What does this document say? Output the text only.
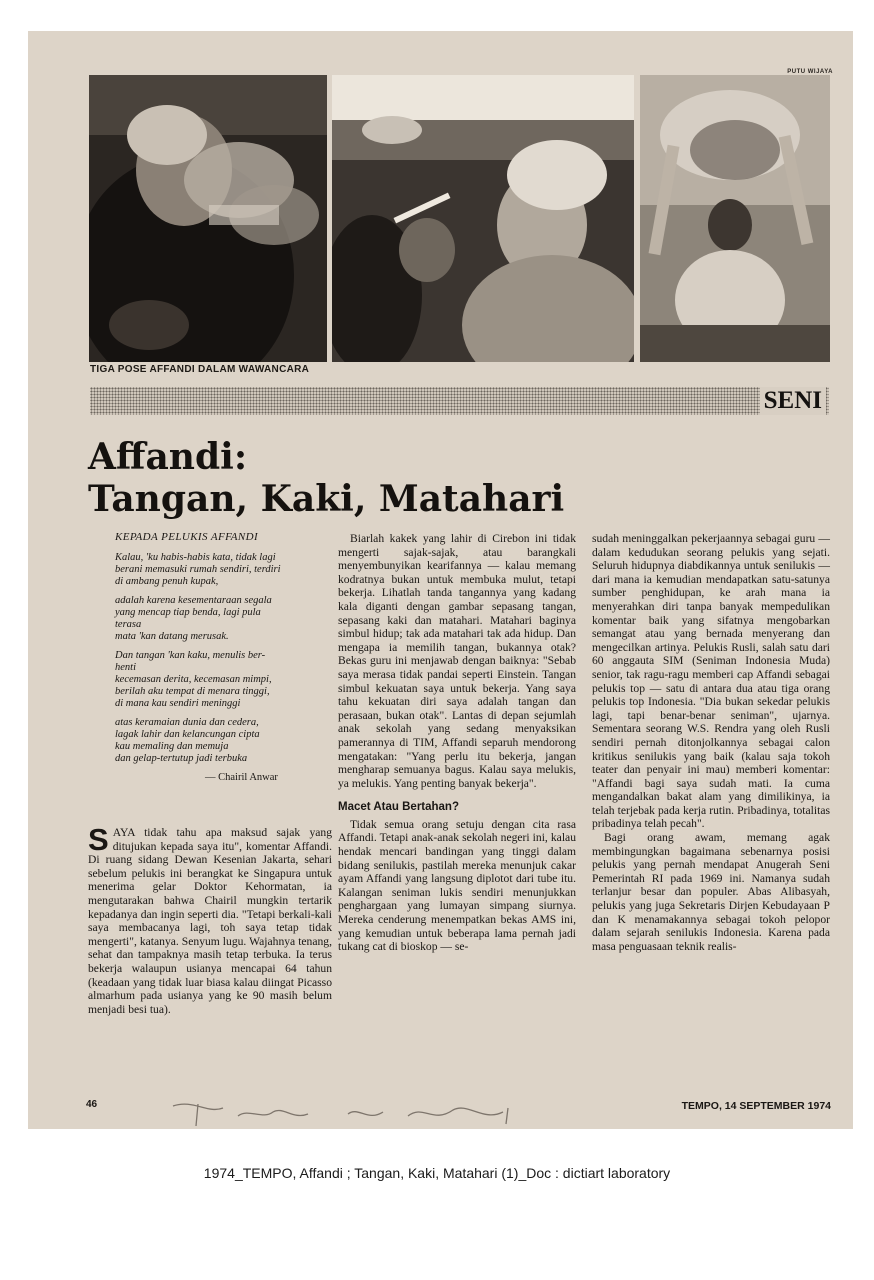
PUTU WIJAYA
TIGA POSE AFFANDI DALAM WAWANCARA
SENI
Affandi:
Tangan, Kaki, Matahari
KEPADA PELUKIS AFFANDI
Kalau, 'ku habis-habis kata, tidak lagi
berani memasuki rumah sendiri, terdiri
di ambang penuh kupak,
adalah karena kesementaraan segala
yang mencap tiap benda, lagi pula
terasa
mata 'kan datang merusak.
Dan tangan 'kan kaku, menulis ber-
henti
kecemasan derita, kecemasan mimpi,
berilah aku tempat di menara tinggi,
di mana kau sendiri meninggi
atas keramaian dunia dan cedera,
lagak lahir dan kelancungan cipta
kau memaling dan memuja
dan gelap-tertutup jadi terbuka
— Chairil Anwar

SAYA tidak tahu apa maksud sajak yang ditujukan kepada saya itu", komentar Affandi. Di ruang sidang Dewan Kesenian Jakarta, sehari sebelum pelukis ini berangkat ke Singapura untuk menerima gelar Doktor Kehormatan, ia mengutarakan bahwa Chairil mungkin tertarik kepadanya dan ingin seperti dia. "Tetapi berkali-kali saya membacanya lagi, toh saya tetap tidak mengerti", katanya. Senyum lugu. Wajahnya tenang, sehat dan tampaknya masih tetap terbuka. Ia terus bekerja walaupun usianya mencapai 64 tahun (keadaan yang tidak luar biasa kalau diingat Picasso almarhum pada usianya yang ke 90 masih belum menjadi besi tua).

Biarlah kakek yang lahir di Cirebon ini tidak mengerti sajak-sajak, atau barangkali menyembunyikan kearifannya — kalau memang kodratnya bukan untuk membuka mulut, tetapi bekerja. Lihatlah tanda tangannya yang kadang kala diganti dengan gambar sepasang tangan, sepasang kaki dan matahari. Matahari baginya simbul hidup; tak ada matahari tak ada hidup. Dan mengapa ia memilih tangan, bukannya otak? Bekas guru ini menjawab dengan baiknya: "Sebab saya merasa tidak pandai seperti Einstein. Tangan simbul kekuatan saya untuk bekerja. Yang saya tahu kekuatan diri saya adalah tangan dan perasaan, bukan otak". Lantas di depan sejumlah anak sekolah yang sedang menyaksikan pamerannya di TIM, Affandi separuh mendorong mengatakan: "Yang perlu itu bekerja, jangan mengharap semuanya bagus. Kalau saya melukis, ya melukis. Yang penting banyak bekerja".

Macet Atau Bertahan?

Tidak semua orang setuju dengan cita rasa Affandi. Tetapi anak-anak sekolah negeri ini, kalau hendak mencari bandingan yang tinggi dalam bidang senilukis, pastilah mereka menunjuk cakar ayam Affandi yang langsung diplotot dari tube itu. Kalangan seniman lukis sendiri menunjukkan penghargaan yang lumayan simpang siurnya. Mereka cenderung menempatkan bekas AMS ini, yang kemudian untuk beberapa lama pernah jadi tukang cat di bioskop — se-

sudah meninggalkan pekerjaannya sebagai guru — dalam kedudukan seorang pelukis yang sejati. Seluruh hidupnya diabdikannya untuk senilukis — dari mana ia kemudian mendapatkan satu-satunya sumber penghidupan, ke arah mana ia menyerahkan diri tanpa banyak mempedulikan komentar baik yang sifatnya mengobarkan semangat atau yang bernada menyerang dan mengecilkan artinya. Pelukis Rusli, salah satu dari 60 anggauta SIM (Seniman Indonesia Muda) senior, tak ragu-ragu memberi cap Affandi sebagai pelukis top — satu di antara dua atau tiga orang pelukis top Indonesia. "Dia bukan sekedar pelukis lagi, tapi benar-benar seniman", ujarnya. Sementara seorang W.S. Rendra yang oleh Rusli sendiri pernah ditonjolkannya sebagai calon kritikus senilukis yang baik (kalau saja tokoh teater dan penyair ini mau) memberi komentar: "Affandi bagi saya sudah mati. Ia cuma mengandalkan bakat alam yang dimilikinya, ia telah terjebak pada kerja rutin. Pribadinya, totalitas pribadinya telah pecah".

Bagi orang awam, memang agak membingungkan bagaimana sebenarnya posisi pelukis yang pernah mendapat Anugerah Seni Pemerintah RI pada 1969 ini. Namanya sudah terlanjur besar dan populer. Abas Alibasyah, pelukis yang juga Sekretaris Dirjen Kebudayaan P dan K menamakannya sebagai tokoh pelopor dalam sejarah senilukis Indonesia. Karena pada masa penguasaan teknik realis-

46	TEMPO, 14 SEPTEMBER 1974
1974_TEMPO, Affandi ; Tangan, Kaki, Matahari (1)_Doc : dictiart laboratory
